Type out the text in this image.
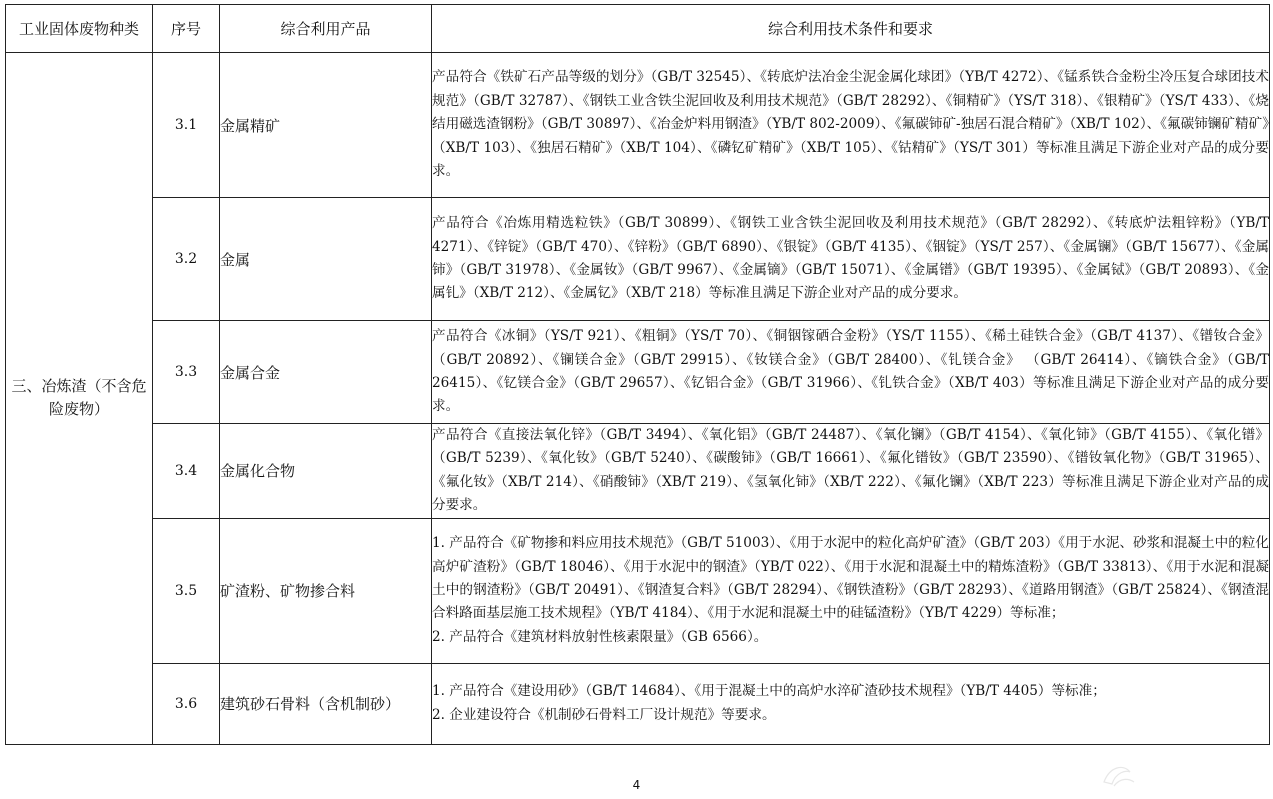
工业固体废物种类	序号	综合利用产品	综合利用技术条件和要求
三、冶炼渣（不含危险废物）	3.1	金属精矿	产品符合《铁矿石产品等级的划分》（GB/T 32545）、《转底炉法冶金尘泥金属化球团》（YB/T 4272）、《锰系铁合金粉尘冷压复合球团技术规范》（GB/T 32787）、《钢铁工业含铁尘泥回收及利用技术规范》（GB/T 28292）、《铜精矿》（YS/T 318）、《银精矿》（YS/T 433）、《烧结用磁选渣钢粉》（GB/T 30897）、《冶金炉料用钢渣》（YB/T 802-2009）、《氟碳铈矿-独居石混合精矿》（XB/T 102）、《氟碳铈镧矿精矿》（XB/T 103）、《独居石精矿》（XB/T 104）、《磷钇矿精矿》（XB/T 105）、《钴精矿》（YS/T 301）等标准且满足下游企业对产品的成分要求。

	3.2	金属	产品符合《冶炼用精选粒铁》（GB/T 30899）、《钢铁工业含铁尘泥回收及利用技术规范》（GB/T 28292）、《转底炉法粗锌粉》（YB/T 4271）、《锌锭》（GB/T 470）、《锌粉》（GB/T 6890）、《银锭》（GB/T 4135）、《铟锭》（YS/T 257）、《金属镧》（GB/T 15677）、《金属铈》（GB/T 31978）、《金属钕》（GB/T 9967）、《金属镝》（GB/T 15071）、《金属镨》（GB/T 19395）、《金属铽》（GB/T 20893）、《金属钆》（XB/T 212）、《金属钇》（XB/T 218）等标准且满足下游企业对产品的成分要求。

	3.3	金属合金	产品符合《冰铜》（YS/T 921）、《粗铜》（YS/T 70）、《铜铟镓硒合金粉》（YS/T 1155）、《稀土硅铁合金》（GB/T 4137）、《镨钕合金》（GB/T 20892）、《镧镁合金》（GB/T 29915）、《钕镁合金》（GB/T 28400）、《钆镁合金》 （GB/T 26414）、《镝铁合金》（GB/T 26415）、《钇镁合金》（GB/T 29657）、《钇铝合金》（GB/T 31966）、《钆铁合金》（XB/T 403）等标准且满足下游企业对产品的成分要求。

	3.4	金属化合物	产品符合《直接法氧化锌》（GB/T 3494）、《氧化铝》（GB/T 24487）、《氧化镧》（GB/T 4154）、《氧化铈》（GB/T 4155）、《氧化镨》（GB/T 5239）、《氧化钕》（GB/T 5240）、《碳酸铈》（GB/T 16661）、《氟化镨钕》（GB/T 23590）、《镨钕氧化物》（GB/T 31965）、《氟化钕》（XB/T 214）、《硝酸铈》（XB/T 219）、《氢氧化铈》（XB/T 222）、《氟化镧》（XB/T 223）等标准且满足下游企业对产品的成分要求。

	3.5	矿渣粉、矿物掺合料	1. 产品符合《矿物掺和料应用技术规范》（GB/T 51003）、《用于水泥中的粒化高炉矿渣》（GB/T 203）《用于水泥、砂浆和混凝土中的粒化高炉矿渣粉》（GB/T 18046）、《用于水泥中的钢渣》（YB/T 022）、《用于水泥和混凝土中的精炼渣粉》（GB/T 33813）、《用于水泥和混凝土中的钢渣粉》（GB/T 20491）、《钢渣复合料》（GB/T 28294）、《钢铁渣粉》（GB/T 28293）、《道路用钢渣》（GB/T 25824）、《钢渣混合料路面基层施工技术规程》（YB/T 4184）、《用于水泥和混凝土中的硅锰渣粉》（YB/T 4229）等标准；
2. 产品符合《建筑材料放射性核素限量》（GB 6566）。

	3.6	建筑砂石骨料（含机制砂）	1. 产品符合《建设用砂》（GB/T 14684）、《用于混凝土中的高炉水淬矿渣砂技术规程》（YB/T 4405）等标准；
2. 企业建设符合《机制砂石骨料工厂设计规范》等要求。
4
